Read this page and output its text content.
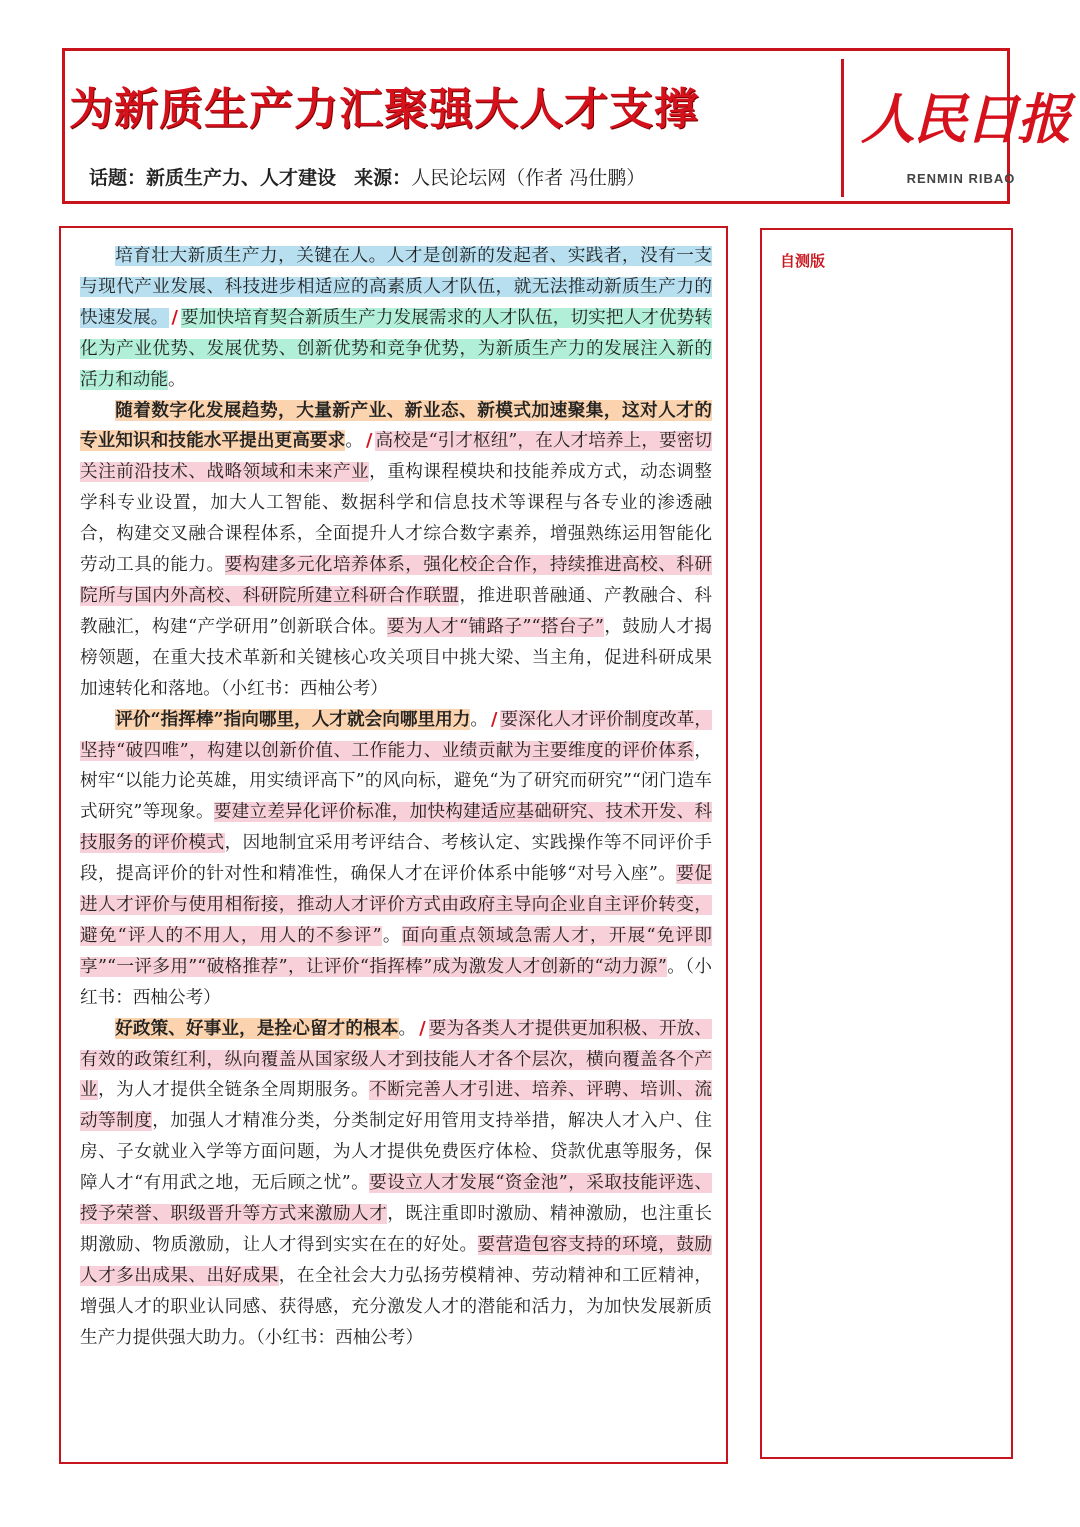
为新质生产力汇聚强大人才支撑
话题：新质生产力、人才建设 来源：人民论坛网（作者 冯仕鹏）
人民日报
RENMIN RIBAO
自测版

培育壮大新质生产力，关键在人。人才是创新的发起者、实践者，没有一支与现代产业发展、科技进步相适应的高素质人才队伍，就无法推动新质生产力的快速发展。 / 要加快培育契合新质生产力发展需求的人才队伍，切实把人才优势转化为产业优势、发展优势、创新优势和竞争优势，为新质生产力的发展注入新的活力和动能。

随着数字化发展趋势，大量新产业、新业态、新模式加速聚集，这对人才的专业知识和技能水平提出更高要求。 / 高校是“引才枢纽”，在人才培养上，要密切关注前沿技术、战略领域和未来产业，重构课程模块和技能养成方式，动态调整学科专业设置，加大人工智能、数据科学和信息技术等课程与各专业的渗透融合，构建交叉融合课程体系，全面提升人才综合数字素养，增强熟练运用智能化劳动工具的能力。要构建多元化培养体系，强化校企合作，持续推进高校、科研院所与国内外高校、科研院所建立科研合作联盟，推进职普融通、产教融合、科教融汇，构建“产学研用”创新联合体。要为人才“铺路子”“搭台子”，鼓励人才揭榜领题，在重大技术革新和关键核心攻关项目中挑大梁、当主角，促进科研成果加速转化和落地。（小红书：西柚公考）

评价“指挥棒”指向哪里，人才就会向哪里用力。 / 要深化人才评价制度改革，坚持“破四唯”，构建以创新价值、工作能力、业绩贡献为主要维度的评价体系，树牢“以能力论英雄，用实绩评高下”的风向标，避免“为了研究而研究”“闭门造车式研究”等现象。要建立差异化评价标准，加快构建适应基础研究、技术开发、科技服务的评价模式，因地制宜采用考评结合、考核认定、实践操作等不同评价手段，提高评价的针对性和精准性，确保人才在评价体系中能够“对号入座”。要促进人才评价与使用相衔接，推动人才评价方式由政府主导向企业自主评价转变，避免“评人的不用人，用人的不参评”。面向重点领域急需人才，开展“免评即享”“一评多用”“破格推荐”，让评价“指挥棒”成为激发人才创新的“动力源”。（小红书：西柚公考）

好政策、好事业，是拴心留才的根本。 / 要为各类人才提供更加积极、开放、有效的政策红利，纵向覆盖从国家级人才到技能人才各个层次，横向覆盖各个产业，为人才提供全链条全周期服务。不断完善人才引进、培养、评聘、培训、流动等制度，加强人才精准分类，分类制定好用管用支持举措，解决人才入户、住房、子女就业入学等方面问题，为人才提供免费医疗体检、贷款优惠等服务，保障人才“有用武之地，无后顾之忧”。要设立人才发展“资金池”，采取技能评选、授予荣誉、职级晋升等方式来激励人才，既注重即时激励、精神激励，也注重长期激励、物质激励，让人才得到实实在在的好处。要营造包容支持的环境，鼓励人才多出成果、出好成果，在全社会大力弘扬劳模精神、劳动精神和工匠精神，增强人才的职业认同感、获得感，充分激发人才的潜能和活力，为加快发展新质生产力提供强大助力。（小红书：西柚公考）
